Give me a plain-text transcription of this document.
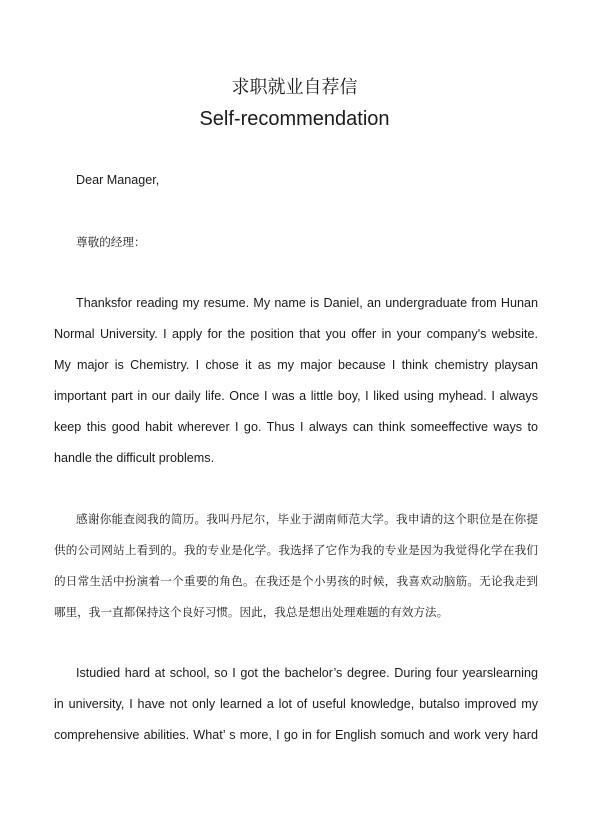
求职就业自荐信
Self-recommendation
Dear Manager,
尊敬的经理：
Thanksfor reading my resume. My name is Daniel, an undergraduate from Hunan
Normal University. I apply for the position that you offer in your company's website.
My major is Chemistry. I chose it as my major because I think chemistry playsan
important part in our daily life. Once I was a little boy, I liked using myhead. I always
keep this good habit wherever I go. Thus I always can think someeffective ways to
handle the difficult problems.
感谢你能查阅我的简历。我叫丹尼尔，毕业于湖南师范大学。我申请的这个职位是在你提
供的公司网站上看到的。我的专业是化学。我选择了它作为我的专业是因为我觉得化学在我们
的日常生活中扮演着一个重要的角色。在我还是个小男孩的时候，我喜欢动脑筋。无论我走到
哪里，我一直都保持这个良好习惯。因此，我总是想出处理难题的有效方法。
Istudied hard at school, so I got the bachelor’s degree. During four yearslearning
in university, I have not only learned a lot of useful knowledge, butalso improved my
comprehensive abilities. What’ s more, I go in for English somuch and work very hard
